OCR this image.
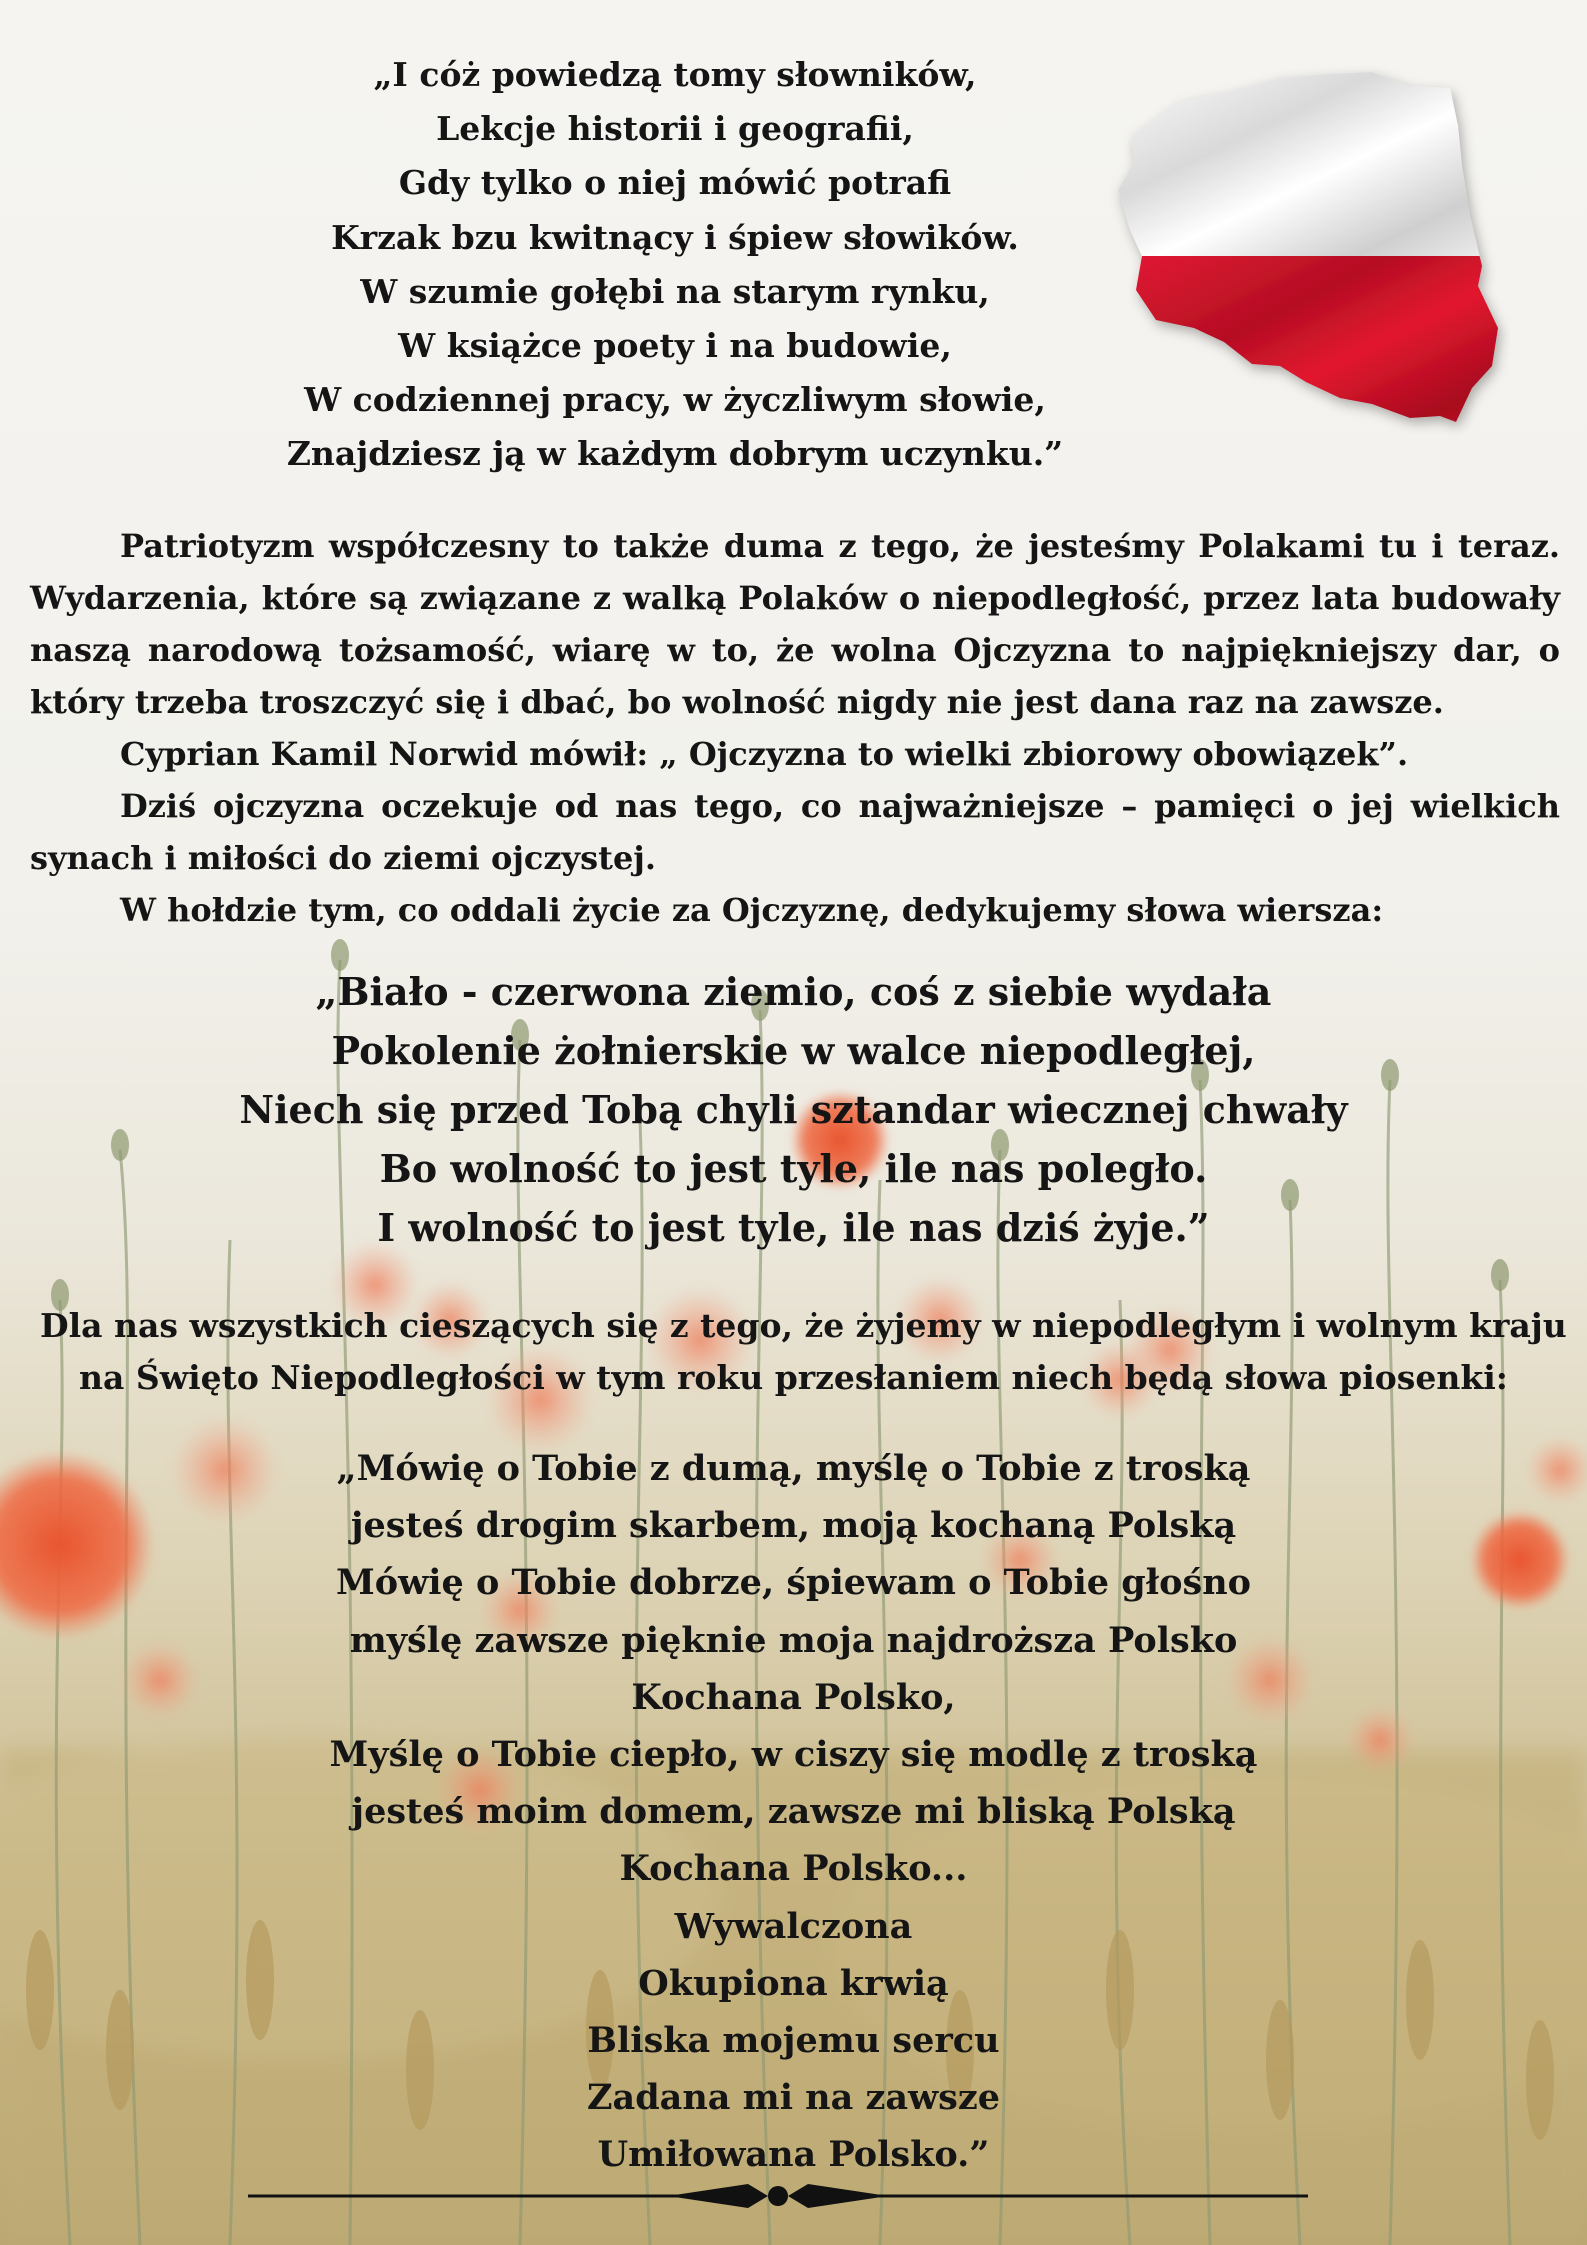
„I cóż powiedzą tomy słowników,
Lekcje historii i geografii,
Gdy tylko o niej mówić potrafi
Krzak bzu kwitnący i śpiew słowików.
W szumie gołębi na starym rynku,
W książce poety i na budowie,
W codziennej pracy, w życzliwym słowie,
Znajdziesz ją w każdym dobrym uczynku.”
Patriotyzm współczesny to także duma z tego, że jesteśmy Polakami tu i teraz. Wydarzenia, które są związane z walką Polaków o niepodległość, przez lata budowały naszą narodową tożsamość, wiarę w to, że wolna Ojczyzna to najpiękniejszy dar, o który trzeba troszczyć się i dbać, bo wolność nigdy nie jest dana raz na zawsze.
Cyprian Kamil Norwid mówił: „ Ojczyzna to wielki zbiorowy obowiązek”.
Dziś ojczyzna oczekuje od nas tego, co najważniejsze – pamięci o jej wielkich synach i miłości do ziemi ojczystej.
W hołdzie tym, co oddali życie za Ojczyznę, dedykujemy słowa wiersza:
„Biało - czerwona ziemio, coś z siebie wydała
Pokolenie żołnierskie w walce niepodległej,
Niech się przed Tobą chyli sztandar wiecznej chwały
Bo wolność to jest tyle, ile nas poległo.
I wolność to jest tyle, ile nas dziś żyje.”
Dla nas wszystkich cieszących się z tego, że żyjemy w niepodległym i wolnym kraju
na Święto Niepodległości w tym roku przesłaniem niech będą słowa piosenki:
„Mówię o Tobie z dumą, myślę o Tobie z troską
jesteś drogim skarbem, moją kochaną Polską
Mówię o Tobie dobrze, śpiewam o Tobie głośno
myślę zawsze pięknie moja najdroższa Polsko
Kochana Polsko,
Myślę o Tobie ciepło, w ciszy się modlę z troską
jesteś moim domem, zawsze mi bliską Polską
Kochana Polsko...
Wywalczona
Okupiona krwią
Bliska mojemu sercu
Zadana mi na zawsze
Umiłowana Polsko.”
